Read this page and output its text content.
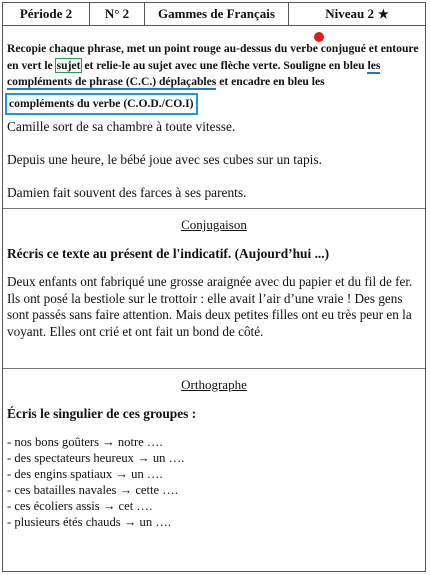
Période 2	N° 2	Gammes de Français	Niveau 2 ★

Recopie chaque phrase, met un point rouge au-dessus du verbe conjugué et entoure en vert le sujet et relie-le au sujet avec une flèche verte. Souligne en bleu les compléments de phrase (C.C.) déplaçables et encadre en bleu les
compléments du verbe (C.O.D./CO.I)

Camille sort de sa chambre à toute vitesse.

Depuis une heure, le bébé joue avec ses cubes sur un tapis.

Damien fait souvent des farces à ses parents.

Conjugaison

Récris ce texte au présent de l'indicatif. (Aujourd’hui ...)

Deux enfants ont fabriqué une grosse araignée avec du papier et du fil de fer. Ils ont posé la bestiole sur le trottoir : elle avait l’air d’une vraie ! Des gens sont passés sans faire attention. Mais deux petites filles ont eu très peur en la voyant. Elles ont crié et ont fait un bond de côté.

Orthographe

Écris le singulier de ces groupes :

- nos bons goûters → notre ….
- des spectateurs heureux → un ….
- des engins spatiaux → un ….
- ces batailles navales → cette ….
- ces écoliers assis → cet ….
- plusieurs étés chauds → un ….
